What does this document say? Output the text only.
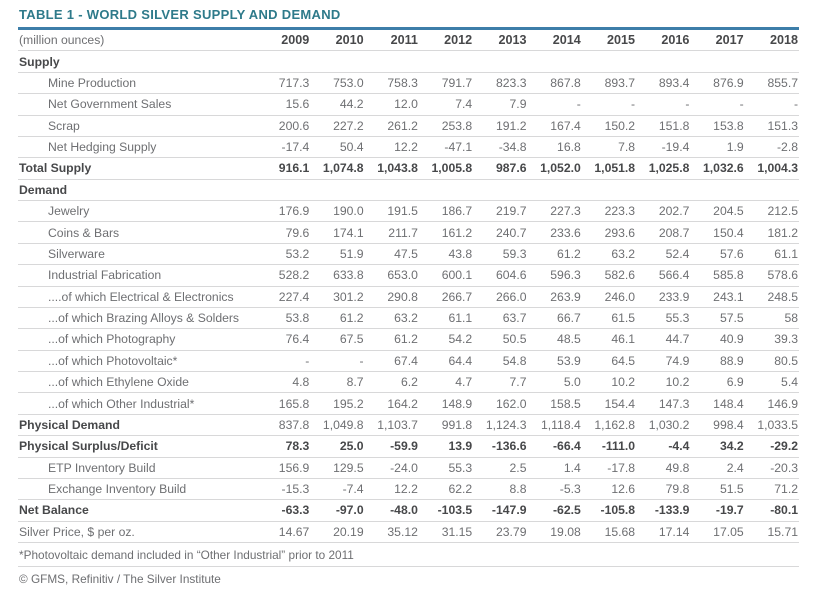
TABLE 1 - WORLD SILVER SUPPLY AND DEMAND
(million ounces)	2009	2010	2011	2012	2013	2014	2015	2016	2017	2018
Supply										
Mine Production	717.3	753.0	758.3	791.7	823.3	867.8	893.7	893.4	876.9	855.7
Net Government Sales	15.6	44.2	12.0	7.4	7.9	-	-	-	-	-
Scrap	200.6	227.2	261.2	253.8	191.2	167.4	150.2	151.8	153.8	151.3
Net Hedging Supply	-17.4	50.4	12.2	-47.1	-34.8	16.8	7.8	-19.4	1.9	-2.8
Total Supply	916.1	1,074.8	1,043.8	1,005.8	987.6	1,052.0	1,051.8	1,025.8	1,032.6	1,004.3
Demand										
Jewelry	176.9	190.0	191.5	186.7	219.7	227.3	223.3	202.7	204.5	212.5
Coins & Bars	79.6	174.1	211.7	161.2	240.7	233.6	293.6	208.7	150.4	181.2
Silverware	53.2	51.9	47.5	43.8	59.3	61.2	63.2	52.4	57.6	61.1
Industrial Fabrication	528.2	633.8	653.0	600.1	604.6	596.3	582.6	566.4	585.8	578.6
....of which Electrical & Electronics	227.4	301.2	290.8	266.7	266.0	263.9	246.0	233.9	243.1	248.5
...of which Brazing Alloys & Solders	53.8	61.2	63.2	61.1	63.7	66.7	61.5	55.3	57.5	58
...of which Photography	76.4	67.5	61.2	54.2	50.5	48.5	46.1	44.7	40.9	39.3
...of which Photovoltaic*	-	-	67.4	64.4	54.8	53.9	64.5	74.9	88.9	80.5
...of which Ethylene Oxide	4.8	8.7	6.2	4.7	7.7	5.0	10.2	10.2	6.9	5.4
...of which Other Industrial*	165.8	195.2	164.2	148.9	162.0	158.5	154.4	147.3	148.4	146.9
Physical Demand	837.8	1,049.8	1,103.7	991.8	1,124.3	1,118.4	1,162.8	1,030.2	998.4	1,033.5
Physical Surplus/Deficit	78.3	25.0	-59.9	13.9	-136.6	-66.4	-111.0	-4.4	34.2	-29.2
ETP Inventory Build	156.9	129.5	-24.0	55.3	2.5	1.4	-17.8	49.8	2.4	-20.3
Exchange Inventory Build	-15.3	-7.4	12.2	62.2	8.8	-5.3	12.6	79.8	51.5	71.2
Net Balance	-63.3	-97.0	-48.0	-103.5	-147.9	-62.5	-105.8	-133.9	-19.7	-80.1
Silver Price, $ per oz.	14.67	20.19	35.12	31.15	23.79	19.08	15.68	17.14	17.05	15.71
*Photovoltaic demand included in “Other Industrial” prior to 2011
© GFMS, Refinitiv / The Silver Institute
